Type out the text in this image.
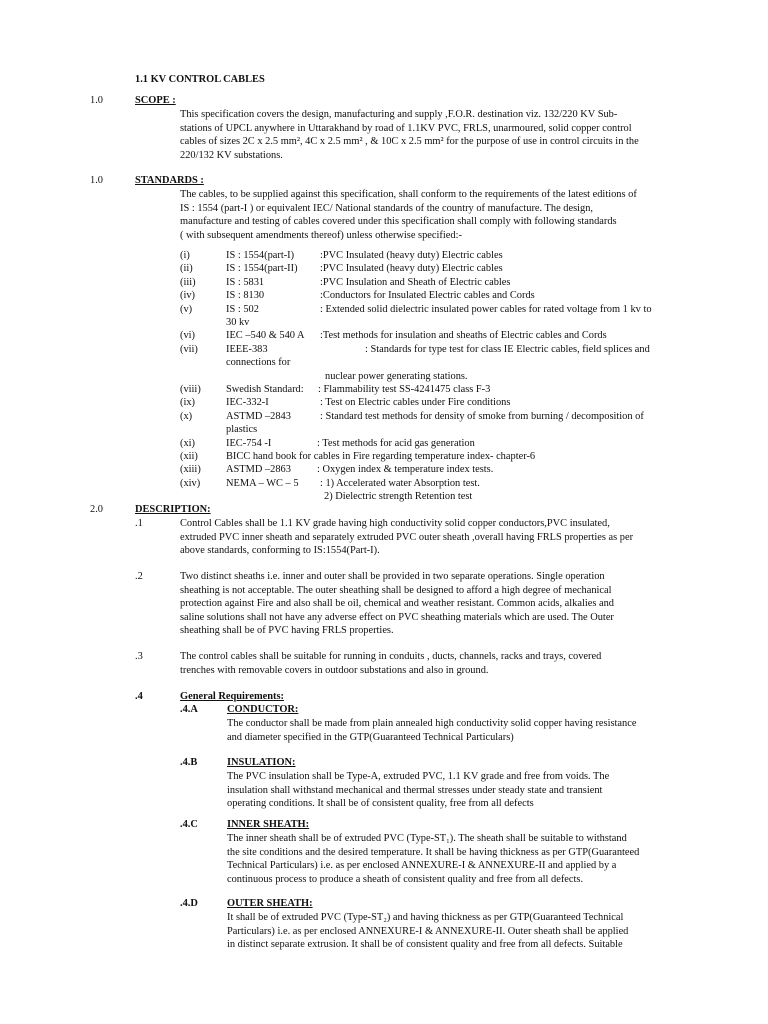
1.1 KV CONTROL CABLES
1.0	SCOPE :
This specification covers the design, manufacturing and supply ,F.O.R. destination viz. 132/220 KV Sub-
stations of UPCL anywhere in Uttarakhand by road of 1.1KV PVC, FRLS, unarmoured, solid copper control
cables of sizes 2C x 2.5 mm², 4C x 2.5 mm² , & 10C x 2.5 mm² for the purpose of use in control circuits in the
220/132 KV substations.
1.0	STANDARDS :
The cables, to be supplied against this specification, shall conform to the requirements of the latest editions of
IS : 1554 (part-I ) or equivalent IEC/ National standards of the country of manufacture. The design,
manufacture and testing of cables covered under this specification shall comply with following standards
( with subsequent amendments thereof) unless otherwise specified:-
(i)	IS : 1554(part-I) :PVC Insulated (heavy duty) Electric cables
(ii)	IS : 1554(part-II) :PVC Insulated (heavy duty) Electric cables
(iii)	IS : 5831	:PVC Insulation and Sheath of Electric cables
(iv)	IS : 8130	:Conductors for Insulated Electric cables and Cords
(v)	IS : 502	: Extended solid dielectric insulated power cables for rated voltage from 1 kv to
30 kv
(vi)	IEC –540 & 540 A :Test methods for insulation and sheaths of Electric cables and Cords
(vii)	IEEE-383	: Standards for type test for class IE Electric cables, field splices and
connections for
nuclear power generating stations.
(viii) Swedish Standard: : Flammability test SS-4241475 class F-3
(ix)	IEC-332-I	: Test on Electric cables under Fire conditions
(x)	ASTMD –2843	: Standard test methods for density of smoke from burning / decomposition of
plastics
(xi)	IEC-754 -I	: Test methods for acid gas generation
(xii)	BICC hand book for cables in Fire regarding temperature index- chapter-6
(xiii) ASTMD –2863	: Oxygen index & temperature index tests.
(xiv) NEMA – WC – 5 : 1) Accelerated water Absorption test.
2) Dielectric strength Retention test
2.0	DESCRIPTION:
.1	Control Cables shall be 1.1 KV grade having high conductivity solid copper conductors,PVC insulated,
extruded PVC inner sheath and separately extruded PVC outer sheath ,overall having FRLS properties as per
above standards, conforming to IS:1554(Part-I).
.2	Two distinct sheaths i.e. inner and outer shall be provided in two separate operations. Single operation
sheathing is not acceptable. The outer sheathing shall be designed to afford a high degree of mechanical
protection against Fire and also shall be oil, chemical and weather resistant. Common acids, alkalies and
saline solutions shall not have any adverse effect on PVC sheathing materials which are used. The Outer
sheathing shall be of PVC having FRLS properties.
.3	The control cables shall be suitable for running in conduits , ducts, channels, racks and trays, covered
trenches with removable covers in outdoor substations and also in ground.
.4	General Requirements:
.4.A	CONDUCTOR:
The conductor shall be made from plain annealed high conductivity solid copper having resistance
and diameter specified in the GTP(Guaranteed Technical Particulars)
.4.B	INSULATION:
The PVC insulation shall be Type-A, extruded PVC, 1.1 KV grade and free from voids. The
insulation shall withstand mechanical and thermal stresses under steady state and transient
operating conditions. It shall be of consistent quality, free from all defects
.4.C	INNER SHEATH:
The inner sheath shall be of extruded PVC (Type-ST₁). The sheath shall be suitable to withstand
the site conditions and the desired temperature. It shall be having thickness as per GTP(Guaranteed
Technical Particulars) i.e. as per enclosed ANNEXURE-I & ANNEXURE-II and applied by a
continuous process to produce a sheath of consistent quality and free from all defects.
.4.D	OUTER SHEATH:
It shall be of extruded PVC (Type-ST₂) and having thickness as per GTP(Guaranteed Technical
Particulars) i.e. as per enclosed ANNEXURE-I & ANNEXURE-II. Outer sheath shall be applied
in distinct separate extrusion. It shall be of consistent quality and free from all defects. Suitable
